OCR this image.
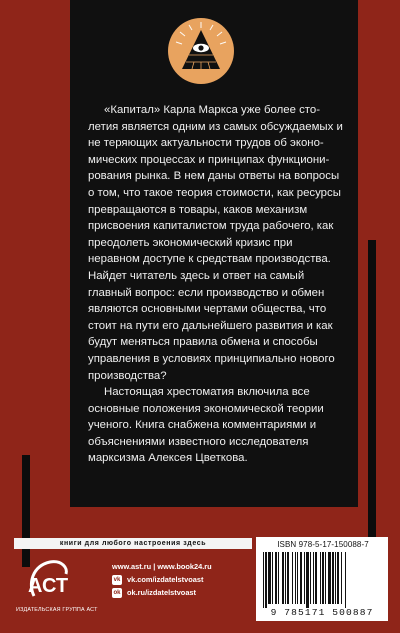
«Капитал» Карла Маркса уже более столетия является одним из самых обсуждаемых и не теряющих актуальности трудов об экономических процессах и принципах функционирования рынка. В нем даны ответы на вопросы о том, что такое теория стоимости, как ресурсы превращаются в товары, каков механизм присвоения капиталистом труда рабочего, как преодолеть экономический кризис при неравном доступе к средствам производства. Найдет читатель здесь и ответ на самый главный вопрос: если производство и обмен являются основными чертами общества, что стоит на пути его дальнейшего развития и как будут меняться правила обмена и способы управления в условиях принципиально нового производства?

Настоящая хрестоматия включила все основные положения экономической теории ученого. Книга снабжена комментариями и объяснениями известного исследователя марксизма Алексея Цветкова.

книги для любого настроения здесь
АСТ
ИЗДАТЕЛЬСКАЯ ГРУППА АСТ
www.ast.ru | www.book24.ru
vk vk.com/izdatelstvoast
ok ok.ru/izdatelstvoast
ISBN 978-5-17-150088-7
9 785171 500887
